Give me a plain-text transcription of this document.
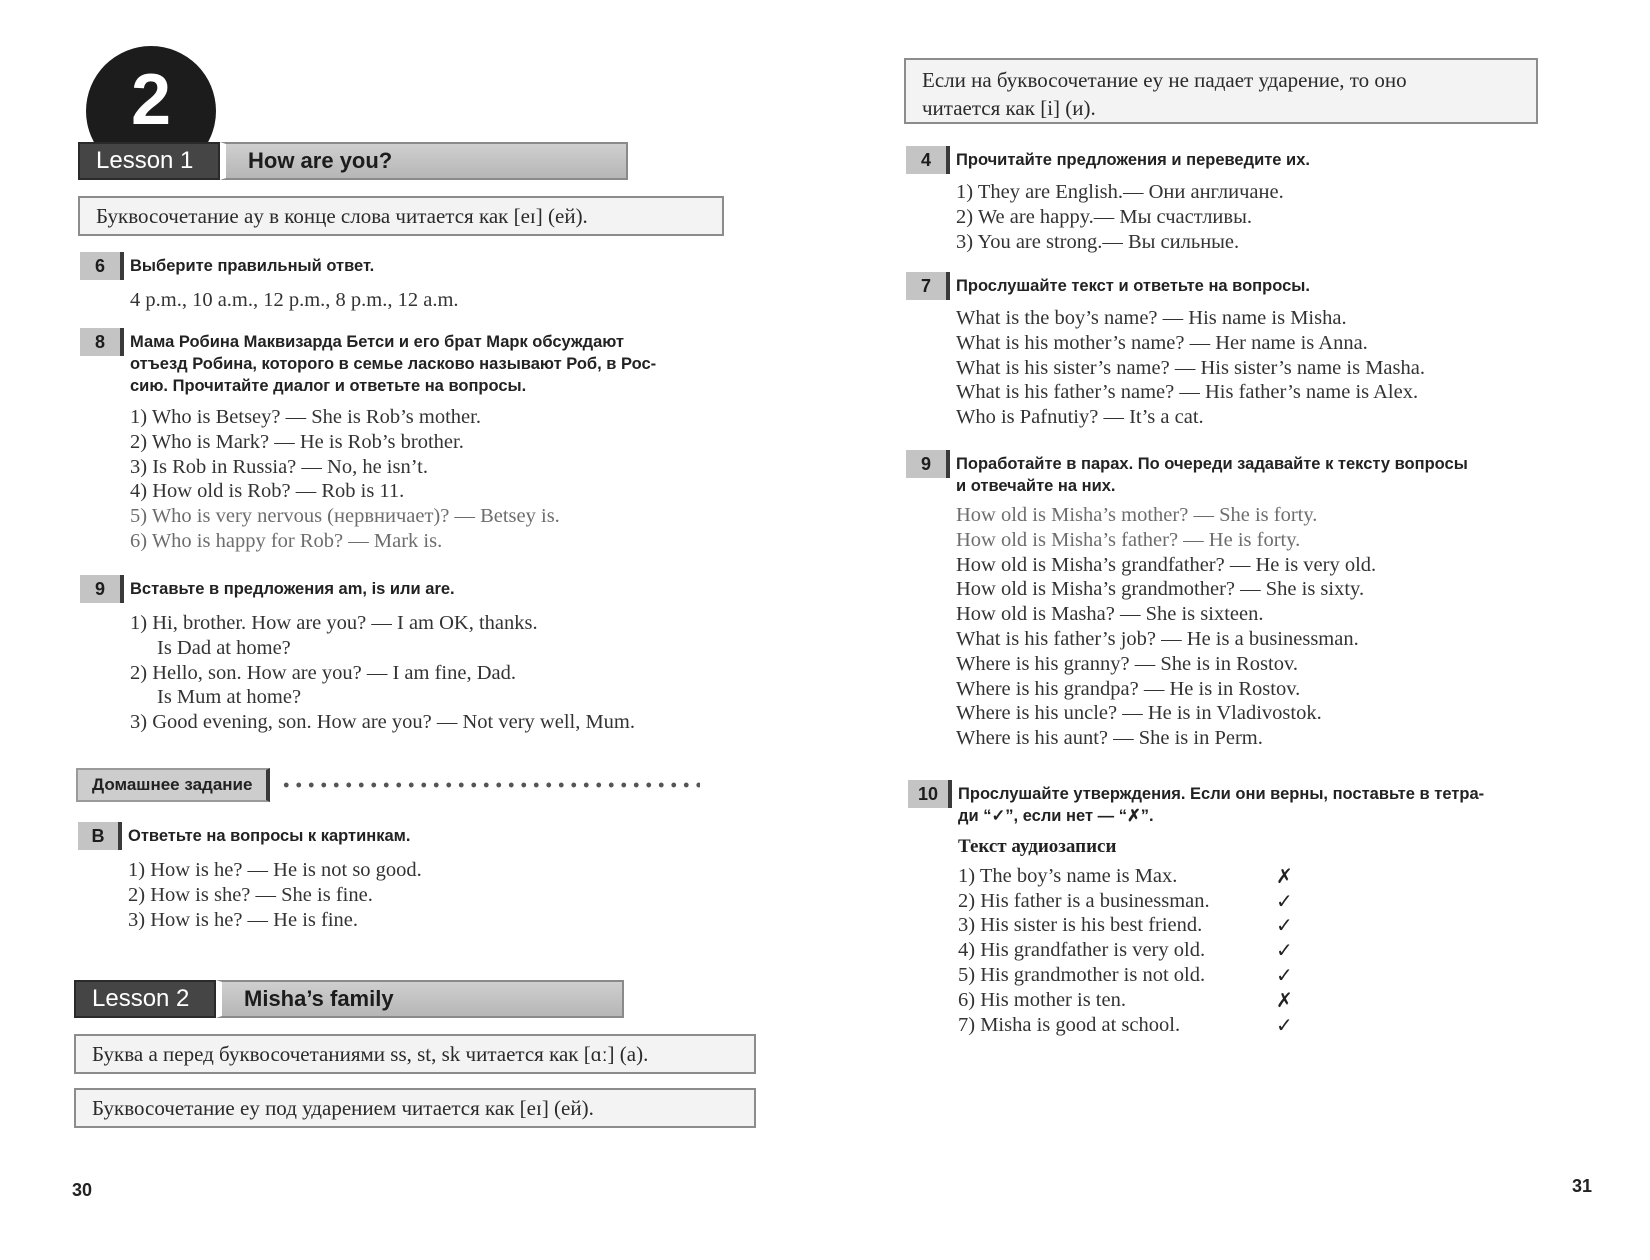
2
Lesson 1	How are you?
Буквосочетание ay в конце слова читается как [eɪ] (ей).
6	Выберите правильный ответ.
4 p.m., 10 a.m., 12 p.m., 8 p.m., 12 a.m.
8	Мама Робина Маквизарда Бетси и его брат Марк обсуждают
отъезд Робина, которого в семье ласково называют Роб, в Рос-
сию. Прочитайте диалог и ответьте на вопросы.
1) Who is Betsey? — She is Rob’s mother.
2) Who is Mark? — He is Rob’s brother.
3) Is Rob in Russia? — No, he isn’t.
4) How old is Rob? — Rob is 11.
5) Who is very nervous (нервничает)? — Betsey is.
6) Who is happy for Rob? — Mark is.
9	Вставьте в предложения am, is или are.
1) Hi, brother. How are you? — I am OK, thanks.
Is Dad at home?
2) Hello, son. How are you? — I am fine, Dad.
Is Mum at home?
3) Good evening, son. How are you? — Not very well, Mum.
Домашнее задание
B	Ответьте на вопросы к картинкам.
1) How is he? — He is not so good.
2) How is she? — She is fine.
3) How is he? — He is fine.
Lesson 2	Misha’s family
Буква a перед буквосочетаниями ss, st, sk читается как [ɑː] (а).
Буквосочетание ey под ударением читается как [eɪ] (ей).
30
Если на буквосочетание ey не падает ударение, то оно
читается как [i] (и).
4	Прочитайте предложения и переведите их.
1) They are English.— Они англичане.
2) We are happy.— Мы счастливы.
3) You are strong.— Вы сильные.
7	Прослушайте текст и ответьте на вопросы.
What is the boy’s name? — His name is Misha.
What is his mother’s name? — Her name is Anna.
What is his sister’s name? — His sister’s name is Masha.
What is his father’s name? — His father’s name is Alex.
Who is Pafnutiy? — It’s a cat.
9	Поработайте в парах. По очереди задавайте к тексту вопросы
и отвечайте на них.
How old is Misha’s mother? — She is forty.
How old is Misha’s father? — He is forty.
How old is Misha’s grandfather? — He is very old.
How old is Misha’s grandmother? — She is sixty.
How old is Masha? — She is sixteen.
What is his father’s job? — He is a businessman.
Where is his granny? — She is in Rostov.
Where is his grandpa? — He is in Rostov.
Where is his uncle? — He is in Vladivostok.
Where is his aunt? — She is in Perm.
10	Прослушайте утверждения. Если они верны, поставьте в тетра-
ди “✓”, если нет — “✗”.
Текст аудиозаписи
1) The boy’s name is Max.	✗
2) His father is a businessman.	✓
3) His sister is his best friend.	✓
4) His grandfather is very old.	✓
5) His grandmother is not old.	✓
6) His mother is ten.	✗
7) Misha is good at school.	✓
31
